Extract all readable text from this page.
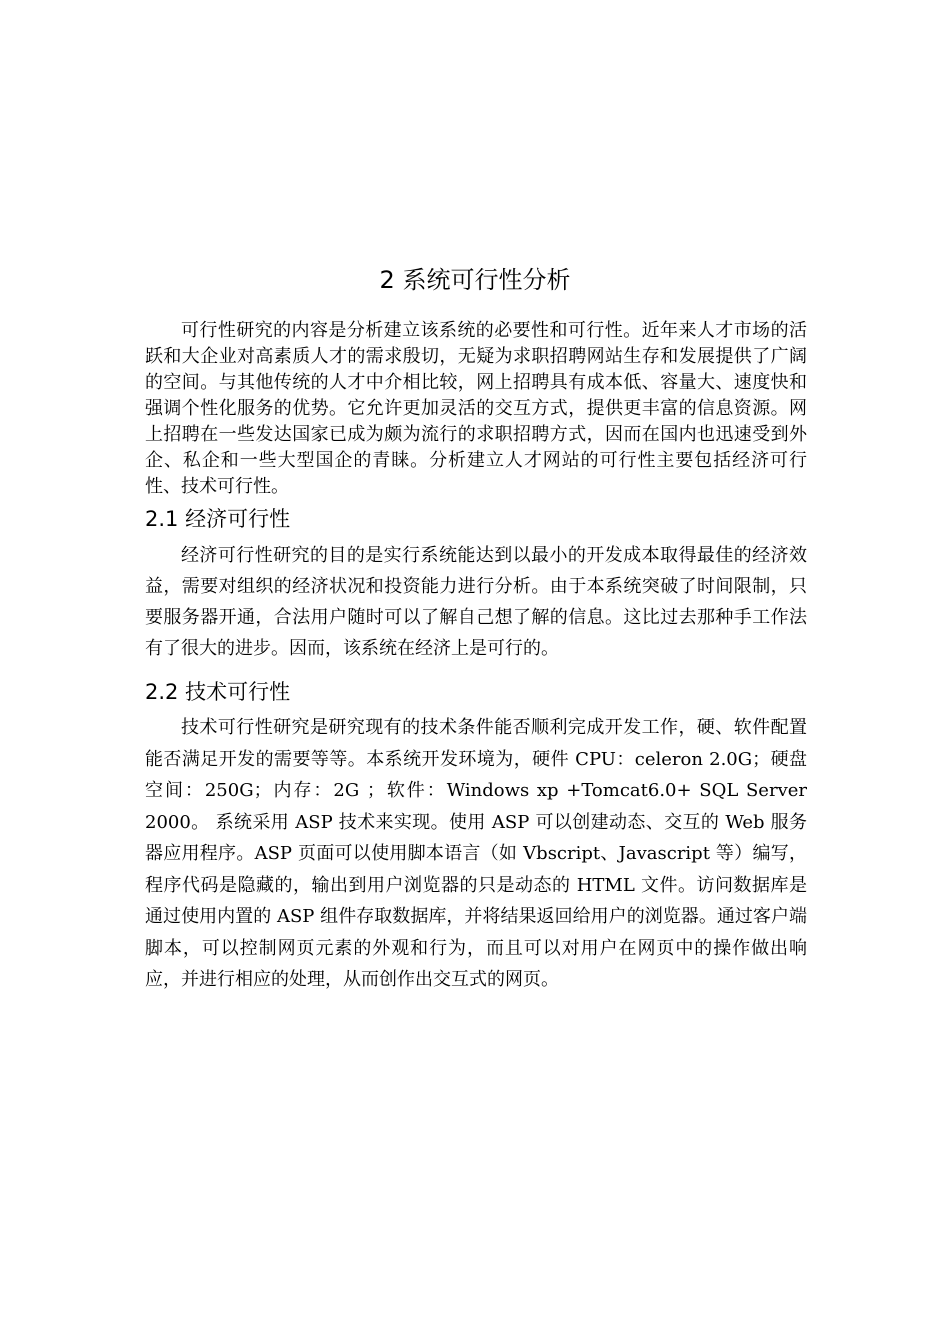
2 系统可行性分析

可行性研究的内容是分析建立该系统的必要性和可行性。近年来人才市场的活跃和大企业对高素质人才的需求殷切，无疑为求职招聘网站生存和发展提供了广阔的空间。与其他传统的人才中介相比较，网上招聘具有成本低、容量大、速度快和强调个性化服务的优势。它允许更加灵活的交互方式，提供更丰富的信息资源。网上招聘在一些发达国家已成为颇为流行的求职招聘方式，因而在国内也迅速受到外企、私企和一些大型国企的青睐。分析建立人才网站的可行性主要包括经济可行性、技术可行性。

2.1 经济可行性

经济可行性研究的目的是实行系统能达到以最小的开发成本取得最佳的经济效益，需要对组织的经济状况和投资能力进行分析。由于本系统突破了时间限制，只要服务器开通，合法用户随时可以了解自己想了解的信息。这比过去那种手工作法有了很大的进步。因而，该系统在经济上是可行的。

2.2 技术可行性

技术可行性研究是研究现有的技术条件能否顺利完成开发工作，硬、软件配置能否满足开发的需要等等。本系统开发环境为，硬件 CPU：celeron 2.0G；硬盘空间：250G；内存：2G ；软件：Windows xp +Tomcat6.0+ SQL Server 2000。 系统采用 ASP 技术来实现。使用 ASP 可以创建动态、交互的 Web 服务器应用程序。ASP 页面可以使用脚本语言（如 Vbscript、Javascript 等）编写，程序代码是隐藏的，输出到用户浏览器的只是动态的 HTML 文件。访问数据库是通过使用内置的 ASP 组件存取数据库，并将结果返回给用户的浏览器。通过客户端脚本，可以控制网页元素的外观和行为，而且可以对用户在网页中的操作做出响应，并进行相应的处理，从而创作出交互式的网页。
